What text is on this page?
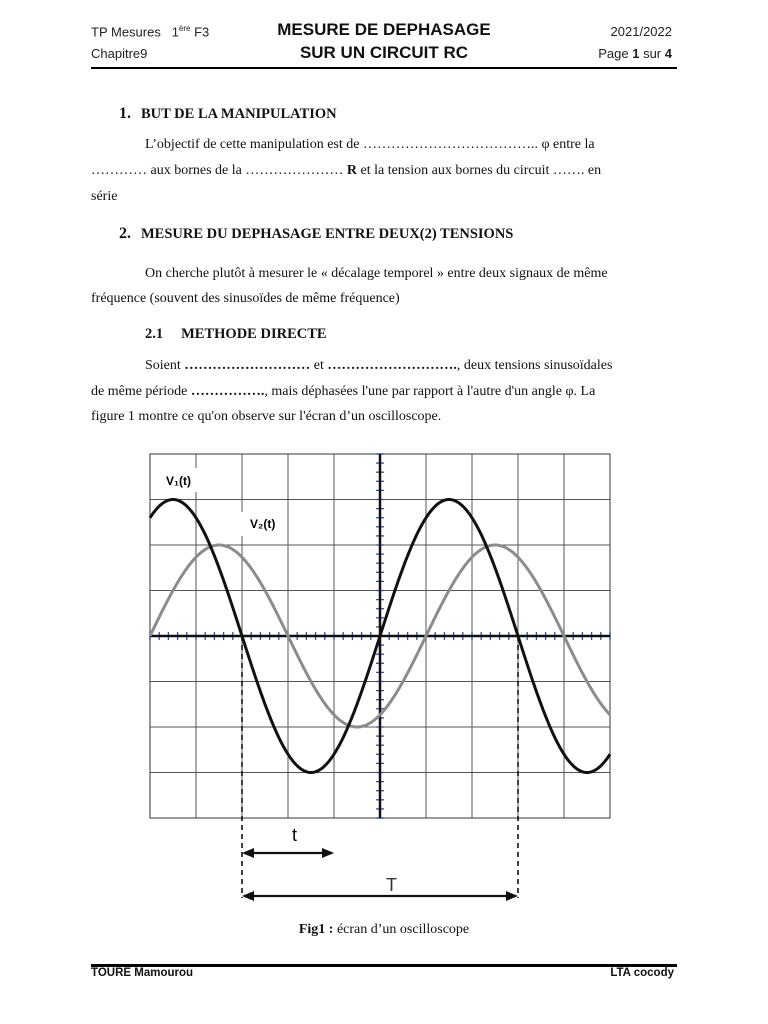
TP Mesures 1ère F3
Chapitre9
MESURE DE DEPHASAGE
SUR UN CIRCUIT RC
2021/2022
Page 1 sur 4
1. BUT DE LA MANIPULATION
L’objectif de cette manipulation est de ……………………………….. φ entre la
………… aux bornes de la ………………… R et la tension aux bornes du circuit ……. en
série
2. MESURE DU DEPHASAGE ENTRE DEUX(2) TENSIONS
On cherche plutôt à mesurer le « décalage temporel » entre deux signaux de même
fréquence (souvent des sinusoïdes de même fréquence)
2.1 METHODE DIRECTE
Soient ……………………… et ………………………., deux tensions sinusoïdales
de même période ……………., mais déphasées l'une par rapport à l'autre d'un angle φ. La
figure 1 montre ce qu'on observe sur l'écran d’un oscilloscope.
V₁(t)
V₂(t)
t
T
Fig1 : écran d’un oscilloscope
TOURE Mamourou	LTA cocody
